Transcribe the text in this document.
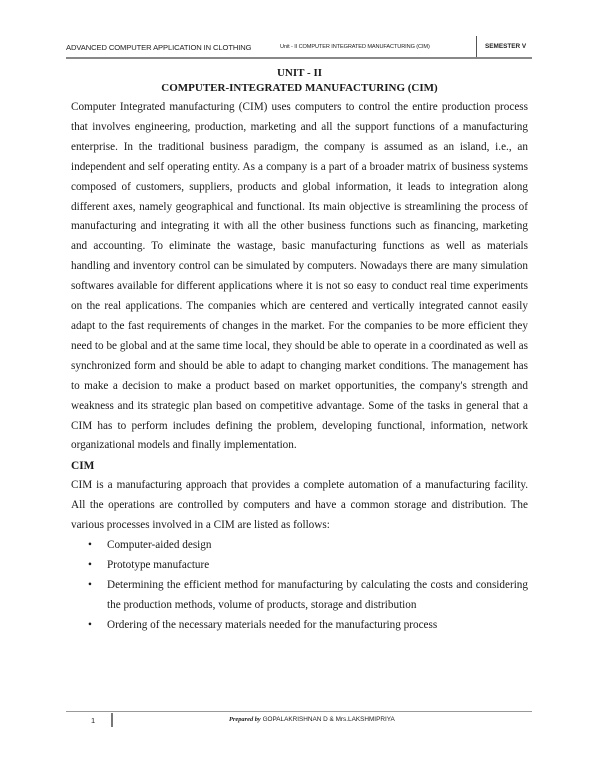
ADVANCED COMPUTER APPLICATION IN CLOTHING	Unit - II COMPUTER INTEGRATED MANUFACTURING (CIM)	SEMESTER V

UNIT - II

COMPUTER-INTEGRATED MANUFACTURING (CIM)

Computer Integrated manufacturing (CIM) uses computers to control the entire production process that involves engineering, production, marketing and all the support functions of a manufacturing enterprise. In the traditional business paradigm, the company is assumed as an island, i.e., an independent and self operating entity. As a company is a part of a broader matrix of business systems composed of customers, suppliers, products and global information, it leads to integration along different axes, namely geographical and functional. Its main objective is streamlining the process of manufacturing and integrating it with all the other business functions such as financing, marketing and accounting. To eliminate the wastage, basic manufacturing functions as well as materials handling and inventory control can be simulated by computers. Nowadays there are many simulation softwares available for different applications where it is not so easy to conduct real time experiments on the real applications. The companies which are centered and vertically integrated cannot easily adapt to the fast requirements of changes in the market. For the companies to be more efficient they need to be global and at the same time local, they should be able to operate in a coordinated as well as synchronized form and should be able to adapt to changing market conditions. The management has to make a decision to make a product based on market opportunities, the company's strength and weakness and its strategic plan based on competitive advantage. Some of the tasks in general that a CIM has to perform includes defining the problem, developing functional, information, network organizational models and finally implementation.

CIM

CIM is a manufacturing approach that provides a complete automation of a manufacturing facility. All the operations are controlled by computers and have a common storage and distribution. The various processes involved in a CIM are listed as follows:

• Computer-aided design
• Prototype manufacture
• Determining the efficient method for manufacturing by calculating the costs and considering the production methods, volume of products, storage and distribution
• Ordering of the necessary materials needed for the manufacturing process
1	Prepared by GOPALAKRISHNAN D & Mrs.LAKSHMIPRIYA
